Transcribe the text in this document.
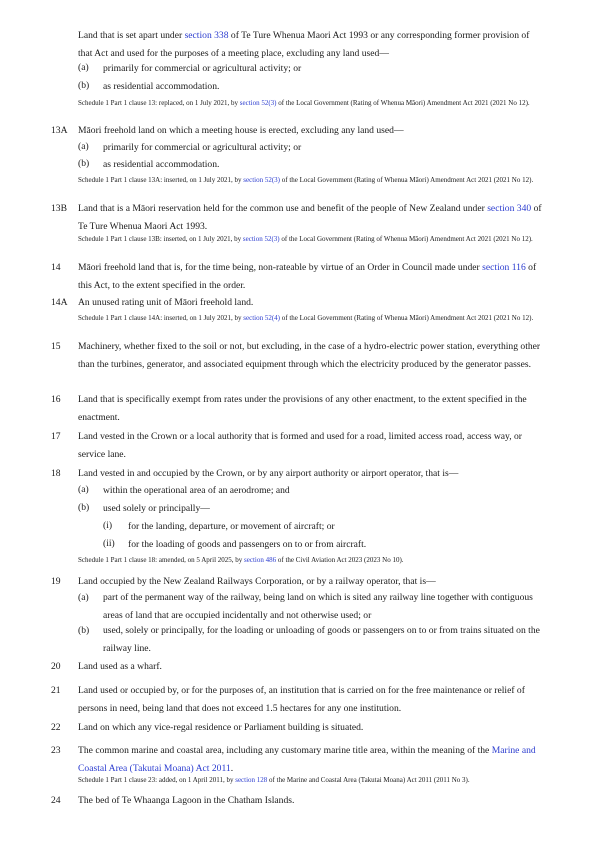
Land that is set apart under section 338 of Te Ture Whenua Maori Act 1993 or any corresponding former provision of that Act and used for the purposes of a meeting place, excluding any land used—
(a) primarily for commercial or agricultural activity; or
(b) as residential accommodation.
Schedule 1 Part 1 clause 13: replaced, on 1 July 2021, by section 52(3) of the Local Government (Rating of Whenua Māori) Amendment Act 2021 (2021 No 12).
13A Māori freehold land on which a meeting house is erected, excluding any land used—
(a) primarily for commercial or agricultural activity; or
(b) as residential accommodation.
Schedule 1 Part 1 clause 13A: inserted, on 1 July 2021, by section 52(3) of the Local Government (Rating of Whenua Māori) Amendment Act 2021 (2021 No 12).
13B Land that is a Māori reservation held for the common use and benefit of the people of New Zealand under section 340 of Te Ture Whenua Maori Act 1993.
Schedule 1 Part 1 clause 13B: inserted, on 1 July 2021, by section 52(3) of the Local Government (Rating of Whenua Māori) Amendment Act 2021 (2021 No 12).
14 Māori freehold land that is, for the time being, non-rateable by virtue of an Order in Council made under section 116 of this Act, to the extent specified in the order.
14A An unused rating unit of Māori freehold land.
Schedule 1 Part 1 clause 14A: inserted, on 1 July 2021, by section 52(4) of the Local Government (Rating of Whenua Māori) Amendment Act 2021 (2021 No 12).
15 Machinery, whether fixed to the soil or not, but excluding, in the case of a hydro-electric power station, everything other than the turbines, generator, and associated equipment through which the electricity produced by the generator passes.
16 Land that is specifically exempt from rates under the provisions of any other enactment, to the extent specified in the enactment.
17 Land vested in the Crown or a local authority that is formed and used for a road, limited access road, access way, or service lane.
18 Land vested in and occupied by the Crown, or by any airport authority or airport operator, that is—
(a) within the operational area of an aerodrome; and
(b) used solely or principally—
(i) for the landing, departure, or movement of aircraft; or
(ii) for the loading of goods and passengers on to or from aircraft.
Schedule 1 Part 1 clause 18: amended, on 5 April 2025, by section 486 of the Civil Aviation Act 2023 (2023 No 10).
19 Land occupied by the New Zealand Railways Corporation, or by a railway operator, that is—
(a) part of the permanent way of the railway, being land on which is sited any railway line together with contiguous areas of land that are occupied incidentally and not otherwise used; or
(b) used, solely or principally, for the loading or unloading of goods or passengers on to or from trains situated on the railway line.
20 Land used as a wharf.
21 Land used or occupied by, or for the purposes of, an institution that is carried on for the free maintenance or relief of persons in need, being land that does not exceed 1.5 hectares for any one institution.
22 Land on which any vice-regal residence or Parliament building is situated.
23 The common marine and coastal area, including any customary marine title area, within the meaning of the Marine and Coastal Area (Takutai Moana) Act 2011.
Schedule 1 Part 1 clause 23: added, on 1 April 2011, by section 128 of the Marine and Coastal Area (Takutai Moana) Act 2011 (2011 No 3).
24 The bed of Te Whaanga Lagoon in the Chatham Islands.
